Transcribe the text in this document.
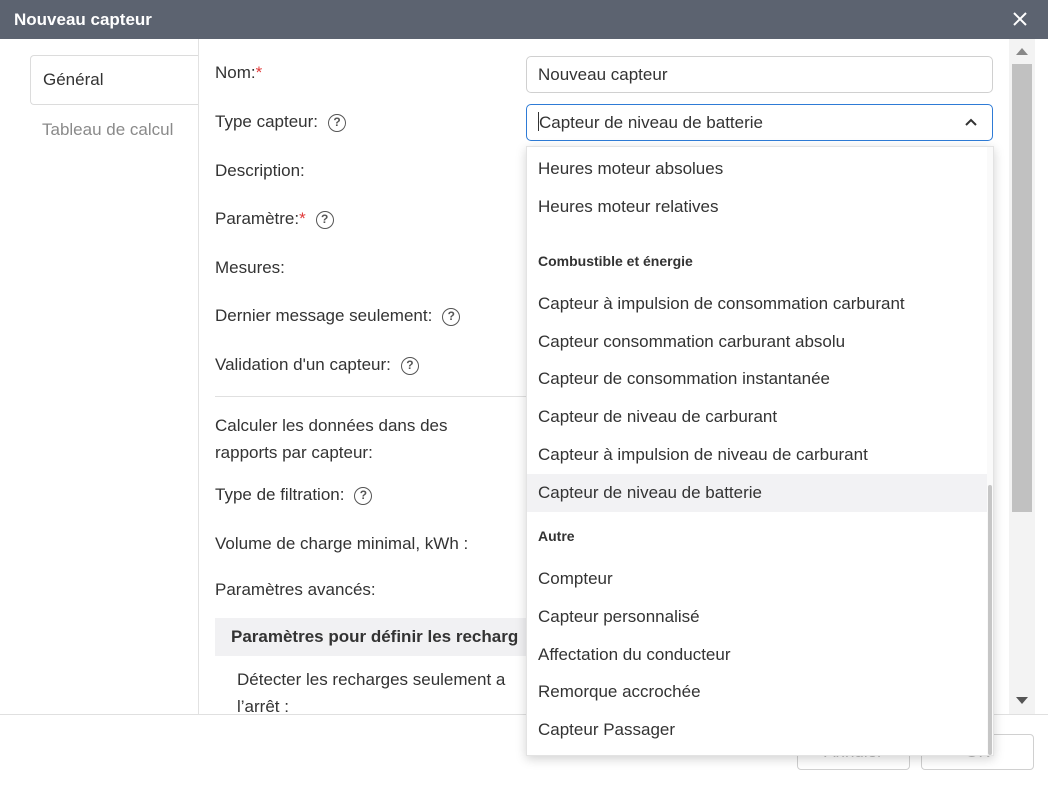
Nouveau capteur
Général
Tableau de calcul
Nom:*	Nouveau capteur
Type capteur: ?	Capteur de niveau de batterie
Description:
Paramètre:* ?
Mesures:
Dernier message seulement: ?
Validation d'un capteur: ?
Calculer les données dans des
rapports par capteur:
Type de filtration: ?
Volume de charge minimal, kWh :
Paramètres avancés:
Paramètres pour définir les recharg
Détecter les recharges seulement a
l’arrêt :
Heures moteur absolues
Heures moteur relatives
Combustible et énergie
Capteur à impulsion de consommation carburant
Capteur consommation carburant absolu
Capteur de consommation instantanée
Capteur de niveau de carburant
Capteur à impulsion de niveau de carburant
Capteur de niveau de batterie
Autre
Compteur
Capteur personnalisé
Affectation du conducteur
Remorque accrochée
Capteur Passager
